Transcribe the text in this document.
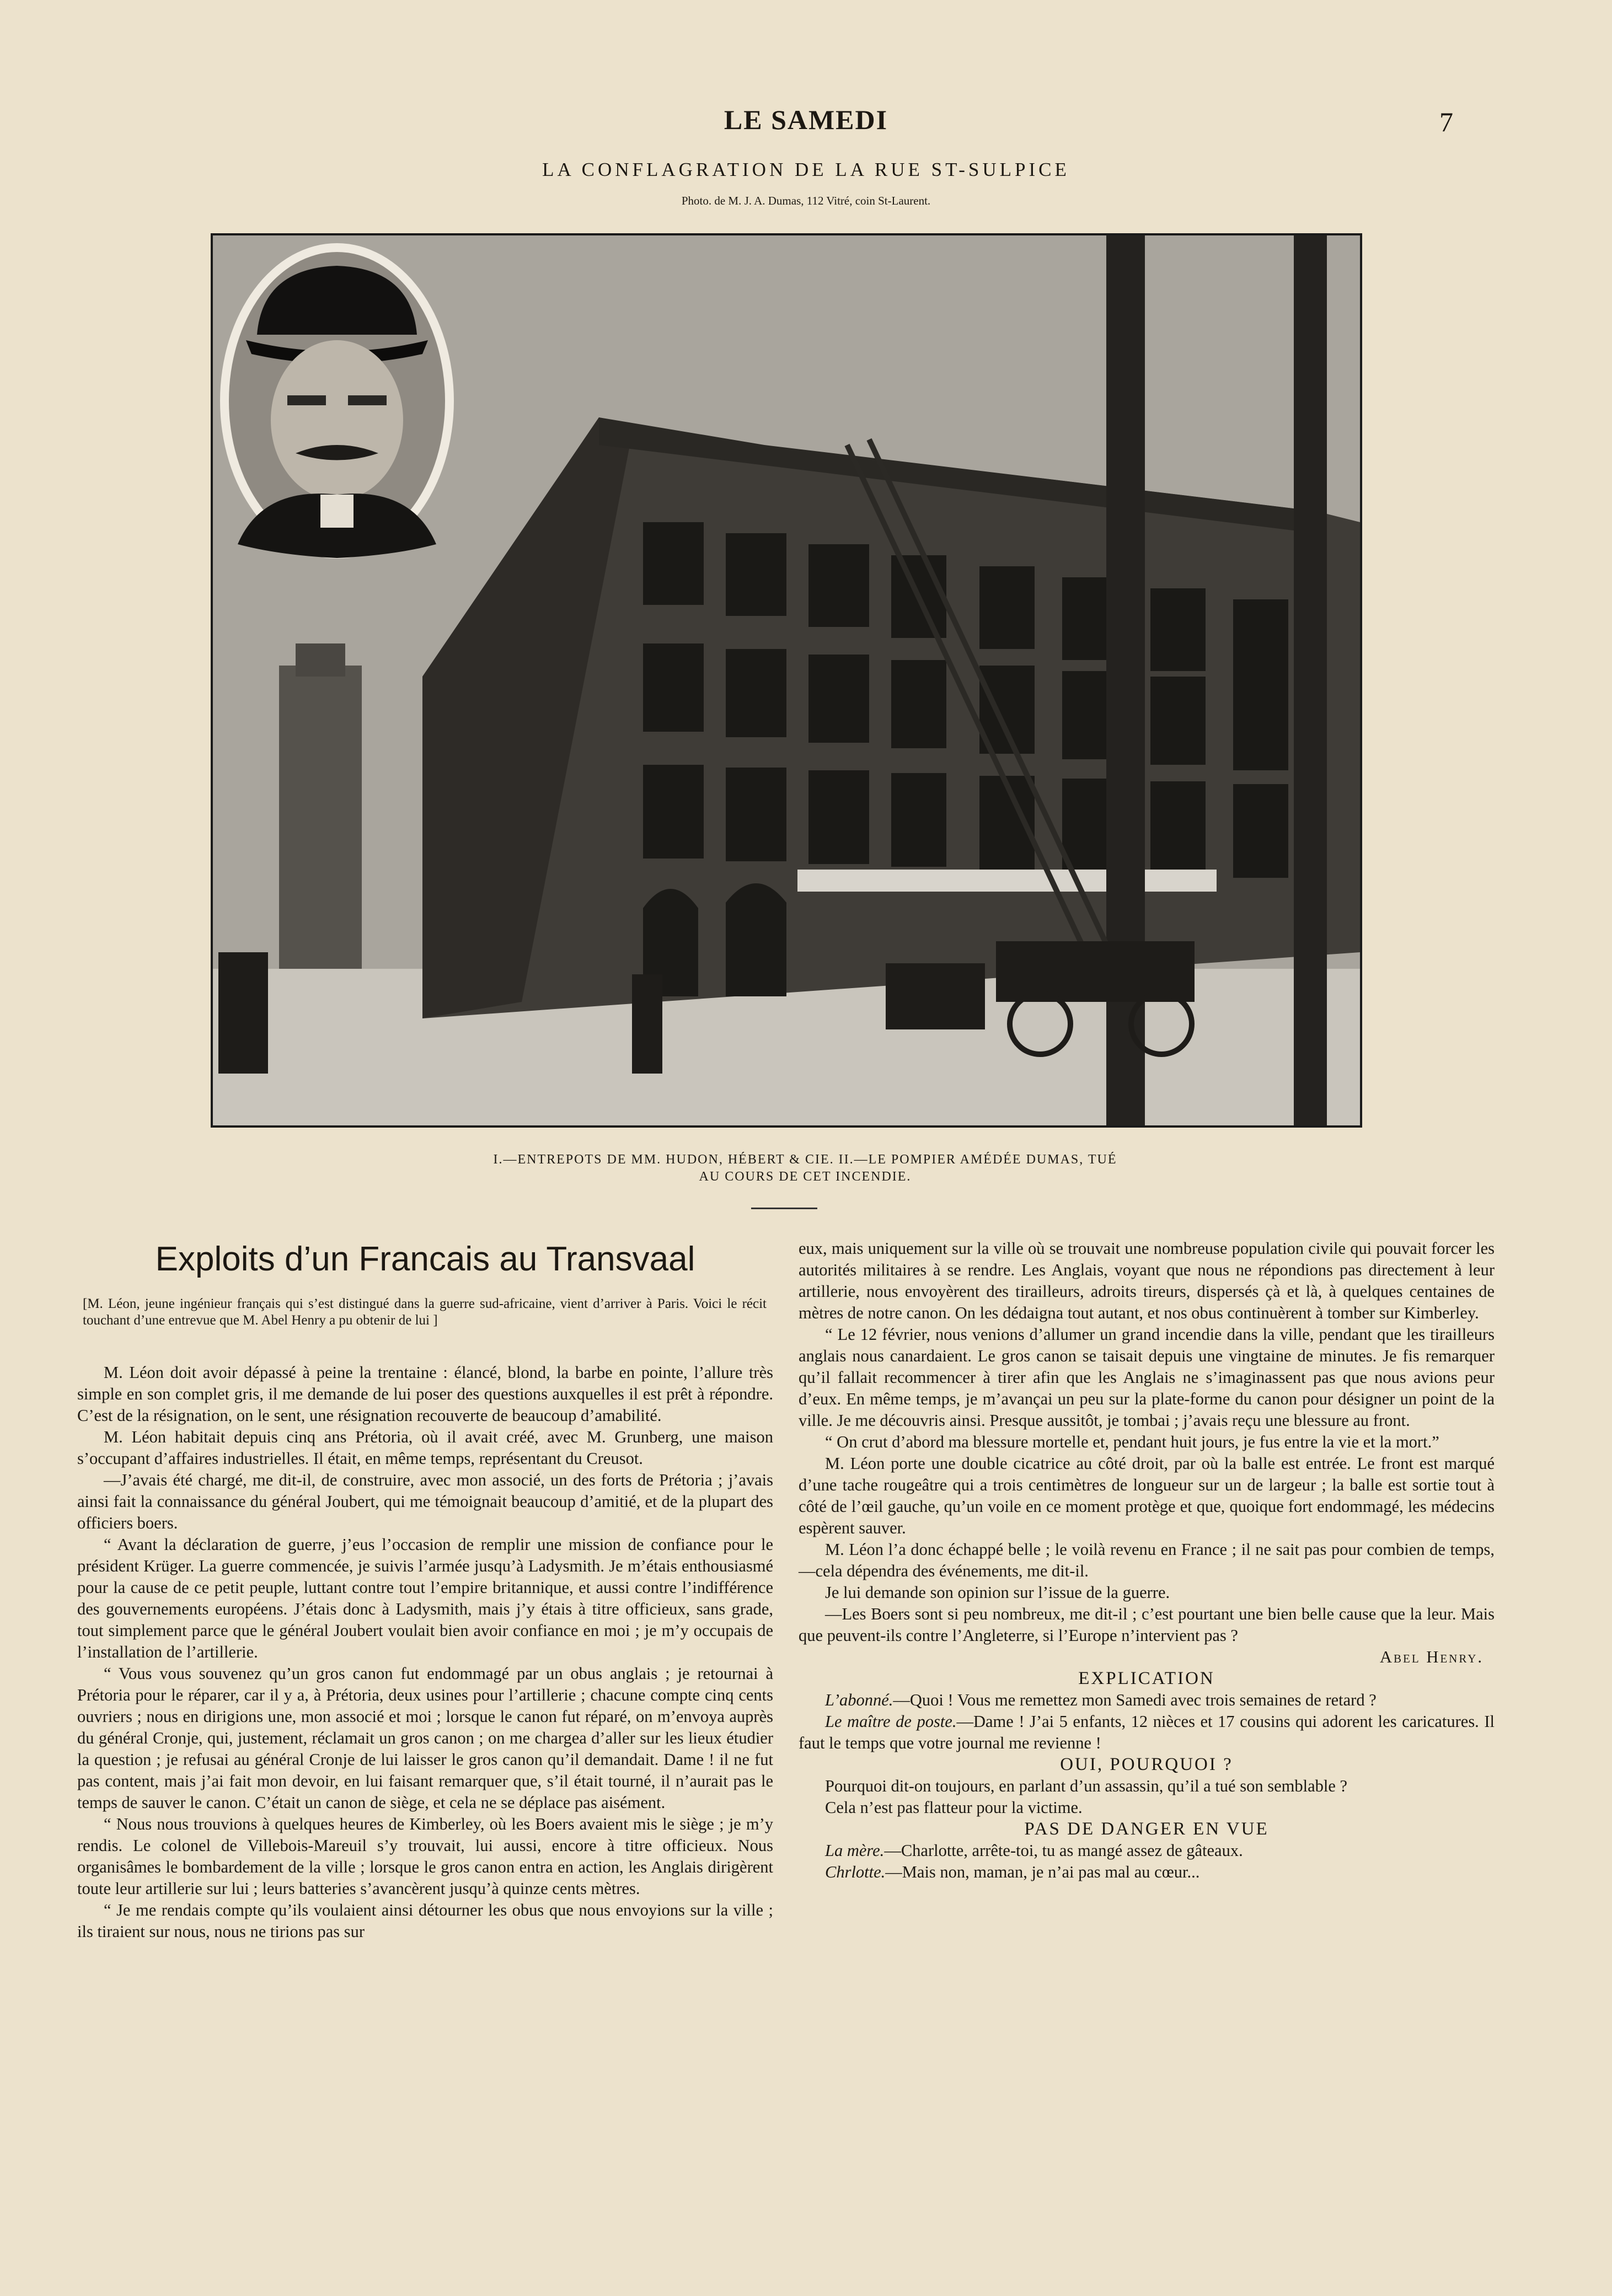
LE SAMEDI	7
LA CONFLAGRATION DE LA RUE ST-SULPICE
Photo. de M. J. A. Dumas, 112 Vitré, coin St-Laurent.
I.—ENTREPOTS DE MM. HUDON, HÉBERT & CIE. II.—LE POMPIER AMÉDÉE DUMAS, TUÉ
AU COURS DE CET INCENDIE.
Exploits d’un Francais au Transvaal
[M. Léon, jeune ingénieur français qui s’est distingué dans la guerre sud-africaine, vient d’arriver à Paris. Voici le récit touchant d’une entrevue que M. Abel Henry a pu obtenir de lui ]

M. Léon doit avoir dépassé à peine la trentaine : élancé, blond, la barbe en pointe, l’allure très simple en son complet gris, il me demande de lui poser des questions auxquelles il est prêt à répondre. C’est de la résignation, on le sent, une résignation recouverte de beaucoup d’amabilité.

M. Léon habitait depuis cinq ans Prétoria, où il avait créé, avec M. Grunberg, une maison s’occupant d’affaires industrielles. Il était, en même temps, représentant du Creusot.

—J’avais été chargé, me dit-il, de construire, avec mon associé, un des forts de Prétoria ; j’avais ainsi fait la connaissance du général Joubert, qui me témoignait beaucoup d’amitié, et de la plupart des officiers boers.

“ Avant la déclaration de guerre, j’eus l’occasion de remplir une mission de confiance pour le président Krüger. La guerre commencée, je suivis l’armée jusqu’à Ladysmith. Je m’étais enthousiasmé pour la cause de ce petit peuple, luttant contre tout l’empire britannique, et aussi contre l’indifférence des gouvernements européens. J’étais donc à Ladysmith, mais j’y étais à titre officieux, sans grade, tout simplement parce que le général Joubert voulait bien avoir confiance en moi ; je m’y occupais de l’installation de l’artillerie.

“ Vous vous souvenez qu’un gros canon fut endommagé par un obus anglais ; je retournai à Prétoria pour le réparer, car il y a, à Prétoria, deux usines pour l’artillerie ; chacune compte cinq cents ouvriers ; nous en dirigions une, mon associé et moi ; lorsque le canon fut réparé, on m’envoya auprès du général Cronje, qui, justement, réclamait un gros canon ; on me chargea d’aller sur les lieux étudier la question ; je refusai au général Cronje de lui laisser le gros canon qu’il demandait. Dame ! il ne fut pas content, mais j’ai fait mon devoir, en lui faisant remarquer que, s’il était tourné, il n’aurait pas le temps de sauver le canon. C’était un canon de siège, et cela ne se déplace pas aisément.

“ Nous nous trouvions à quelques heures de Kimberley, où les Boers avaient mis le siège ; je m’y rendis. Le colonel de Villebois-Mareuil s’y trouvait, lui aussi, encore à titre officieux. Nous organisâmes le bombardement de la ville ; lorsque le gros canon entra en action, les Anglais dirigèrent toute leur artillerie sur lui ; leurs batteries s’avancèrent jusqu’à quinze cents mètres.

“ Je me rendais compte qu’ils voulaient ainsi détourner les obus que nous envoyions sur la ville ; ils tiraient sur nous, nous ne tirions pas sur

eux, mais uniquement sur la ville où se trouvait une nombreuse population civile qui pouvait forcer les autorités militaires à se rendre. Les Anglais, voyant que nous ne répondions pas directement à leur artillerie, nous envoyèrent des tirailleurs, adroits tireurs, dispersés çà et là, à quelques centaines de mètres de notre canon. On les dédaigna tout autant, et nos obus continuèrent à tomber sur Kimberley.

“ Le 12 février, nous venions d’allumer un grand incendie dans la ville, pendant que les tirailleurs anglais nous canardaient. Le gros canon se taisait depuis une vingtaine de minutes. Je fis remarquer qu’il fallait recommencer à tirer afin que les Anglais ne s’imaginassent pas que nous avions peur d’eux. En même temps, je m’avançai un peu sur la plate-forme du canon pour désigner un point de la ville. Je me découvris ainsi. Presque aussitôt, je tombai ; j’avais reçu une blessure au front.

“ On crut d’abord ma blessure mortelle et, pendant huit jours, je fus entre la vie et la mort.”

M. Léon porte une double cicatrice au côté droit, par où la balle est entrée. Le front est marqué d’une tache rougeâtre qui a trois centimètres de longueur sur un de largeur ; la balle est sortie tout à côté de l’œil gauche, qu’un voile en ce moment protège et que, quoique fort endommagé, les médecins espèrent sauver.

M. Léon l’a donc échappé belle ; le voilà revenu en France ; il ne sait pas pour combien de temps,—cela dépendra des événements, me dit-il.

Je lui demande son opinion sur l’issue de la guerre.

—Les Boers sont si peu nombreux, me dit-il ; c’est pourtant une bien belle cause que la leur. Mais que peuvent-ils contre l’Angleterre, si l’Europe n’intervient pas ?

Abel Henry.

EXPLICATION

L’abonné.—Quoi ! Vous me remettez mon Samedi avec trois semaines de retard ?

Le maître de poste.—Dame ! J’ai 5 enfants, 12 nièces et 17 cousins qui adorent les caricatures. Il faut le temps que votre journal me revienne !

OUI, POURQUOI ?

Pourquoi dit-on toujours, en parlant d’un assassin, qu’il a tué son semblable ?

Cela n’est pas flatteur pour la victime.

PAS DE DANGER EN VUE

La mère.—Charlotte, arrête-toi, tu as mangé assez de gâteaux.

Chrlotte.—Mais non, maman, je n’ai pas mal au cœur...
